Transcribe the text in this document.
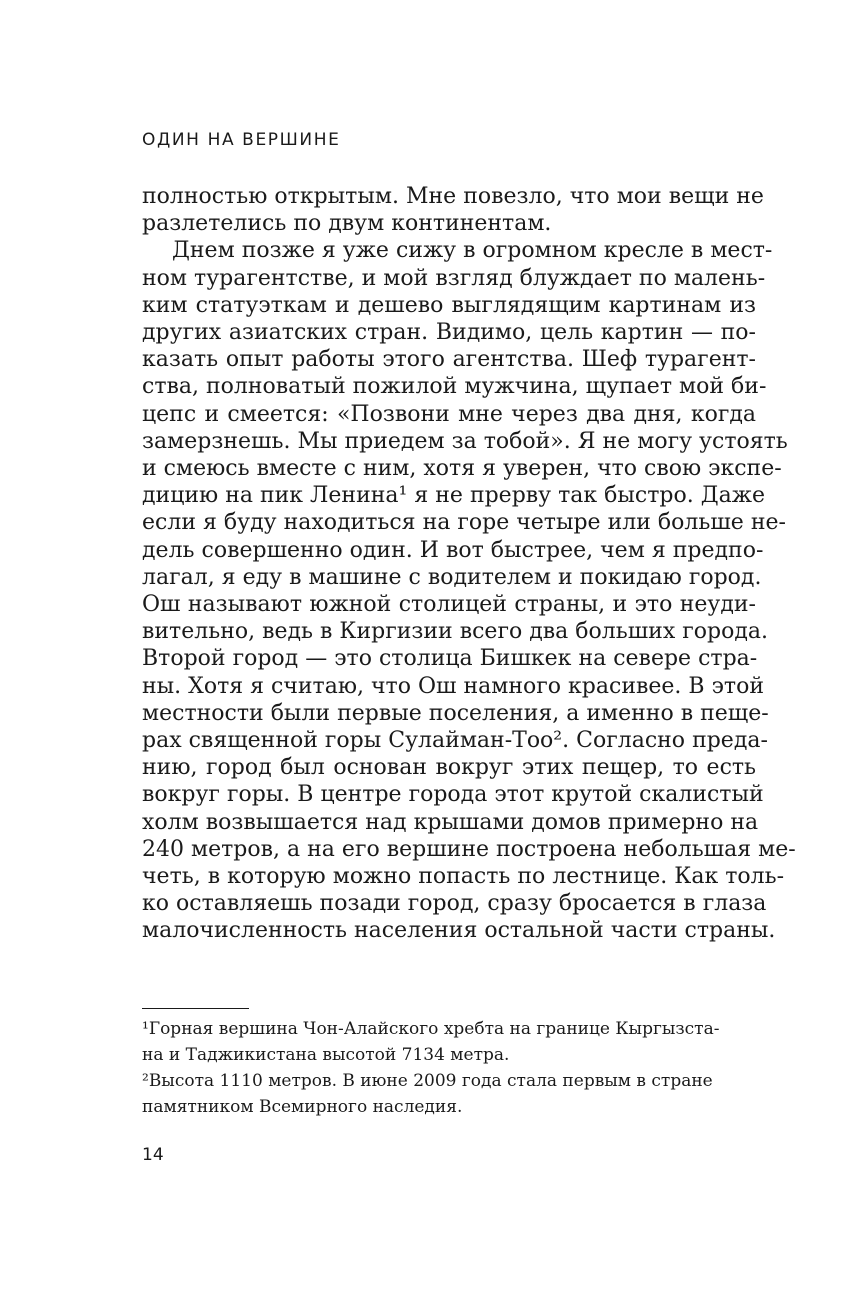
ОДИН НА ВЕРШИНЕ
полностью открытым. Мне повезло, что мои вещи не
разлетелись по двум континентам.
Днем позже я уже сижу в огромном кресле в мест-
ном турагентстве, и мой взгляд блуждает по малень-
ким статуэткам и дешево выглядящим картинам из
других азиатских стран. Видимо, цель картин — по-
казать опыт работы этого агентства. Шеф турагент-
ства, полноватый пожилой мужчина, щупает мой би-
цепс и смеется: «Позвони мне через два дня, когда
замерзнешь. Мы приедем за тобой». Я не могу устоять
и смеюсь вместе с ним, хотя я уверен, что свою экспе-
дицию на пик Ленина¹ я не прерву так быстро. Даже
если я буду находиться на горе четыре или больше не-
дель совершенно один. И вот быстрее, чем я предпо-
лагал, я еду в машине с водителем и покидаю город.
Ош называют южной столицей страны, и это неуди-
вительно, ведь в Киргизии всего два больших города.
Второй город — это столица Бишкек на севере стра-
ны. Хотя я считаю, что Ош намного красивее. В этой
местности были первые поселения, а именно в пеще-
рах священной горы Сулайман-Тоо². Согласно преда-
нию, город был основан вокруг этих пещер, то есть
вокруг горы. В центре города этот крутой скалистый
холм возвышается над крышами домов примерно на
240 метров, а на его вершине построена небольшая ме-
четь, в которую можно попасть по лестнице. Как толь-
ко оставляешь позади город, сразу бросается в глаза
малочисленность населения остальной части страны.
¹Горная вершина Чон-Алайского хребта на границе Кыргызста-
на и Таджикистана высотой 7134 метра.
²Высота 1110 метров. В июне 2009 года стала первым в стране
памятником Всемирного наследия.
14
